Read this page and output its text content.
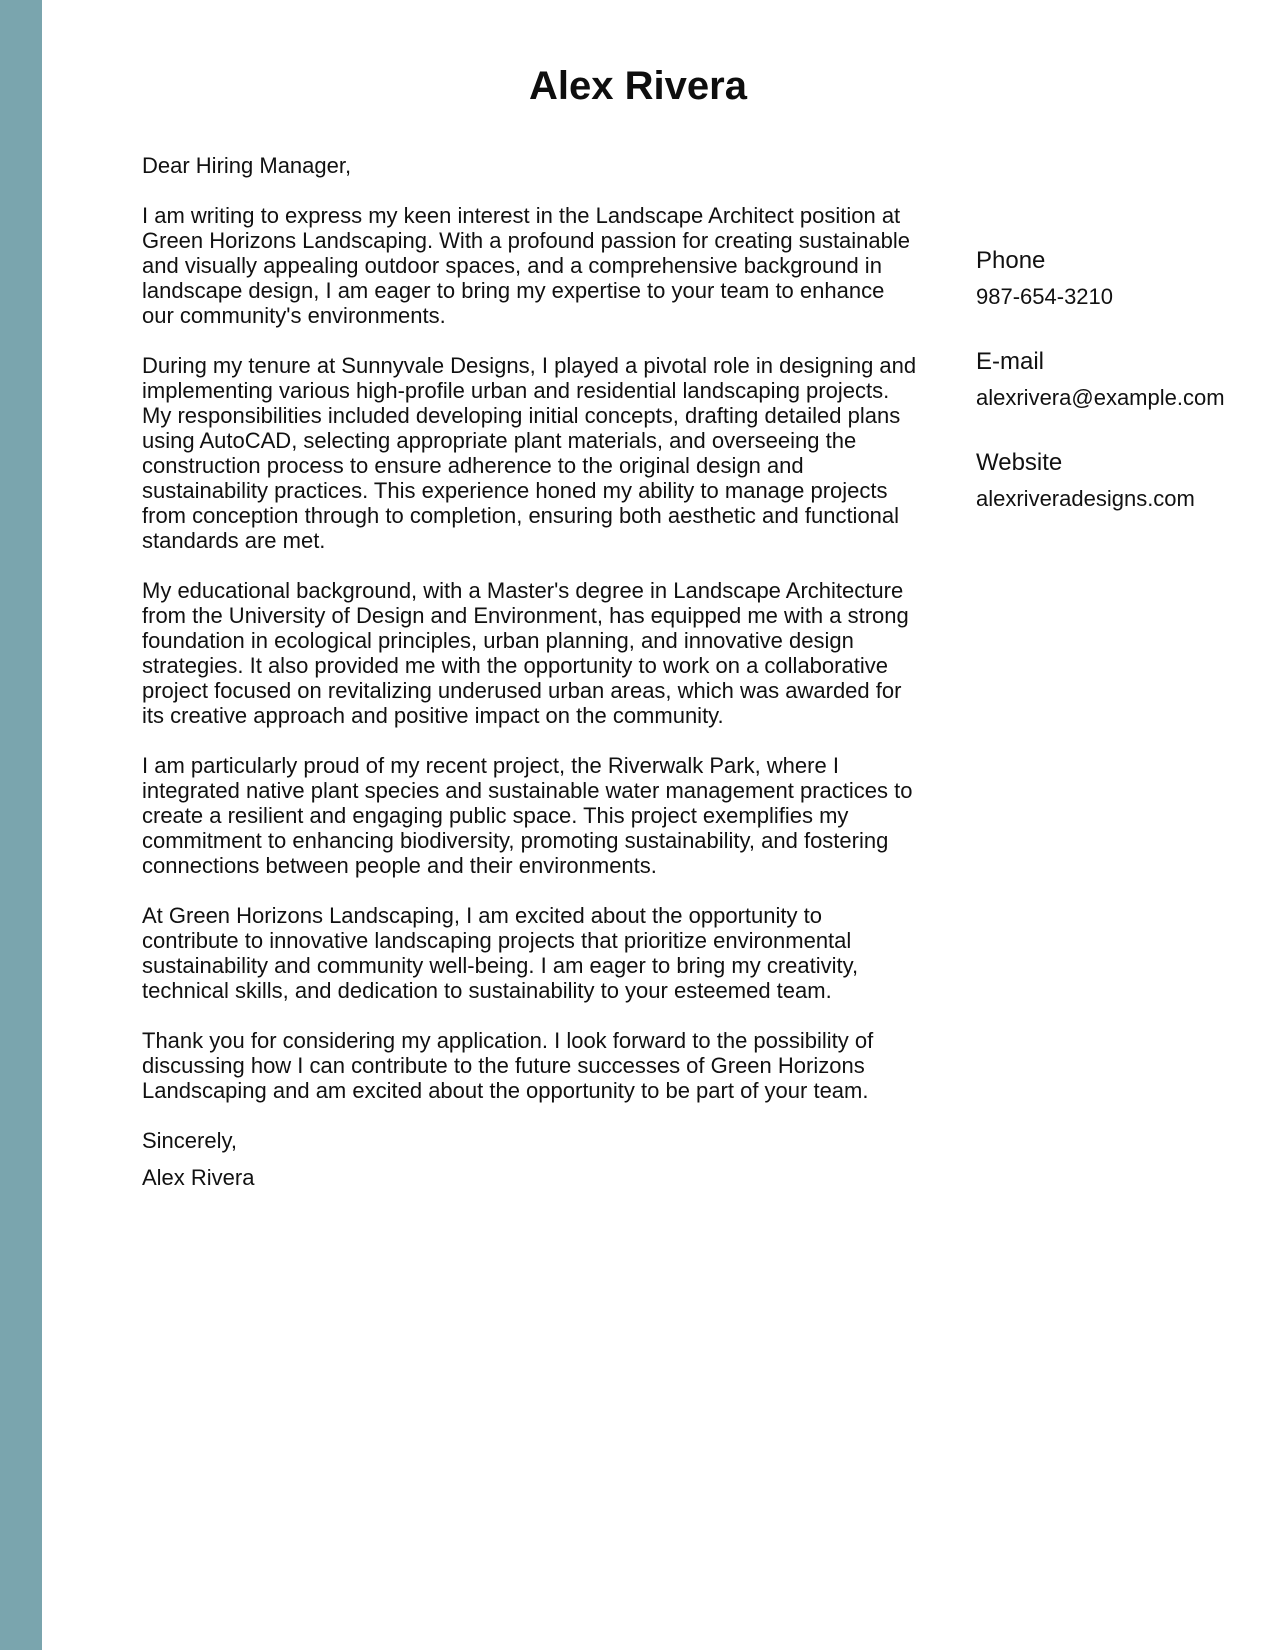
Alex Rivera

Dear Hiring Manager,

I am writing to express my keen interest in the Landscape Architect position at Green Horizons Landscaping. With a profound passion for creating sustainable and visually appealing outdoor spaces, and a comprehensive background in landscape design, I am eager to bring my expertise to your team to enhance our community's environments.

During my tenure at Sunnyvale Designs, I played a pivotal role in designing and implementing various high-profile urban and residential landscaping projects. My responsibilities included developing initial concepts, drafting detailed plans using AutoCAD, selecting appropriate plant materials, and overseeing the construction process to ensure adherence to the original design and sustainability practices. This experience honed my ability to manage projects from conception through to completion, ensuring both aesthetic and functional standards are met.

My educational background, with a Master's degree in Landscape Architecture from the University of Design and Environment, has equipped me with a strong foundation in ecological principles, urban planning, and innovative design strategies. It also provided me with the opportunity to work on a collaborative project focused on revitalizing underused urban areas, which was awarded for its creative approach and positive impact on the community.

I am particularly proud of my recent project, the Riverwalk Park, where I integrated native plant species and sustainable water management practices to create a resilient and engaging public space. This project exemplifies my commitment to enhancing biodiversity, promoting sustainability, and fostering connections between people and their environments.

At Green Horizons Landscaping, I am excited about the opportunity to contribute to innovative landscaping projects that prioritize environmental sustainability and community well-being. I am eager to bring my creativity, technical skills, and dedication to sustainability to your esteemed team.

Thank you for considering my application. I look forward to the possibility of discussing how I can contribute to the future successes of Green Horizons Landscaping and am excited about the opportunity to be part of your team.

Sincerely,

Alex Rivera

Phone

987-654-3210

E-mail

alexrivera@example.com

Website

alexriveradesigns.com
